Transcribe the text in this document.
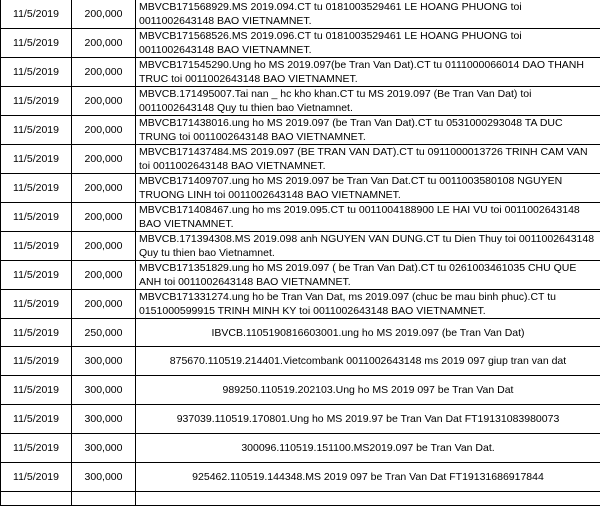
11/5/2019	200,000	MBVCB171568929.MS 2019.094.CT tu 0181003529461 LE HOANG PHUONG toi 0011002643148 BAO VIETNAMNET.
11/5/2019	200,000	MBVCB171568526.MS 2019.096.CT tu 0181003529461 LE HOANG PHUONG toi 0011002643148 BAO VIETNAMNET.
11/5/2019	200,000	MBVCB171545290.Ung ho MS 2019.097(be Tran Van Dat).CT tu 0111000066014 DAO THANH TRUC toi 0011002643148 BAO VIETNAMNET.
11/5/2019	200,000	MBVCB.171495007.Tai nan _ hc kho khan.CT tu MS 2019.097 (Be Tran Van Dat) toi 0011002643148 Quy tu thien bao Vietnamnet.
11/5/2019	200,000	MBVCB171438016.ung ho MS 2019.097 (be Tran Van Dat).CT tu 0531000293048 TA DUC TRUNG toi 0011002643148 BAO VIETNAMNET.
11/5/2019	200,000	MBVCB171437484.MS 2019.097 (BE TRAN VAN DAT).CT tu 0911000013726 TRINH CAM VAN toi 0011002643148 BAO VIETNAMNET.
11/5/2019	200,000	MBVCB171409707.ung ho MS 2019.097 be Tran Van Dat.CT tu 0011003580108 NGUYEN TRUONG LINH toi 0011002643148 BAO VIETNAMNET.
11/5/2019	200,000	MBVCB171408467.ung ho ms 2019.095.CT tu 0011004188900 LE HAI VU toi 0011002643148 BAO VIETNAMNET.
11/5/2019	200,000	MBVCB.171394308.MS 2019.098 anh NGUYEN VAN DUNG.CT tu Dien Thuy toi 0011002643148 Quy tu thien bao Vietnamnet.
11/5/2019	200,000	MBVCB171351829.ung ho MS 2019.097 ( be Tran Van Dat).CT tu 0261003461035 CHU QUE ANH toi 0011002643148 BAO VIETNAMNET.
11/5/2019	200,000	MBVCB171331274.ung ho be Tran Van Dat, ms 2019.097 (chuc be mau binh phuc).CT tu 0151000599915 TRINH MINH KY toi 0011002643148 BAO VIETNAMNET.
11/5/2019	250,000	IBVCB.1105190816603001.ung ho MS 2019.097 (be Tran Van Dat)
11/5/2019	300,000	875670.110519.214401.Vietcombank 0011002643148 ms 2019 097 giup tran van dat
11/5/2019	300,000	989250.110519.202103.Ung ho MS 2019 097 be Tran Van Dat
11/5/2019	300,000	937039.110519.170801.Ung ho MS 2019.97 be Tran Van Dat FT19131083980073
11/5/2019	300,000	300096.110519.151100.MS2019.097 be Tran Van Dat.
11/5/2019	300,000	925462.110519.144348.MS 2019 097 be Tran Van Dat FT19131686917844
